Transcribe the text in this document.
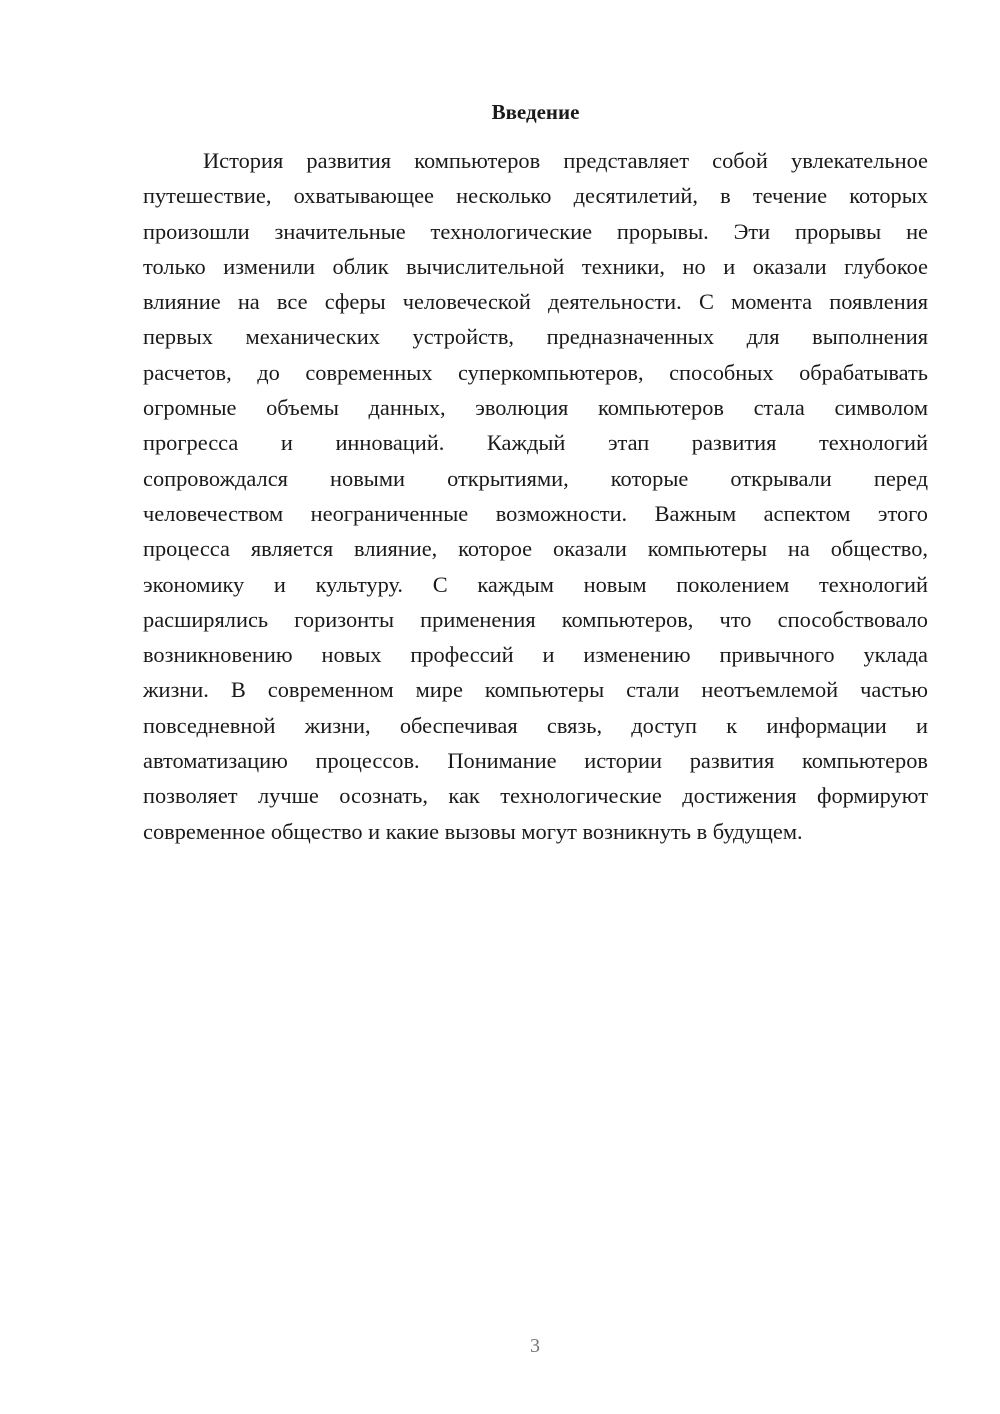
Введение
История развития компьютеров представляет собой увлекательное
путешествие, охватывающее несколько десятилетий, в течение которых
произошли значительные технологические прорывы. Эти прорывы не
только изменили облик вычислительной техники, но и оказали глубокое
влияние на все сферы человеческой деятельности. С момента появления
первых механических устройств, предназначенных для выполнения
расчетов, до современных суперкомпьютеров, способных обрабатывать
огромные объемы данных, эволюция компьютеров стала символом
прогресса и инноваций. Каждый этап развития технологий
сопровождался новыми открытиями, которые открывали перед
человечеством неограниченные возможности. Важным аспектом этого
процесса является влияние, которое оказали компьютеры на общество,
экономику и культуру. С каждым новым поколением технологий
расширялись горизонты применения компьютеров, что способствовало
возникновению новых профессий и изменению привычного уклада
жизни. В современном мире компьютеры стали неотъемлемой частью
повседневной жизни, обеспечивая связь, доступ к информации и
автоматизацию процессов. Понимание истории развития компьютеров
позволяет лучше осознать, как технологические достижения формируют
современное общество и какие вызовы могут возникнуть в будущем.
3
